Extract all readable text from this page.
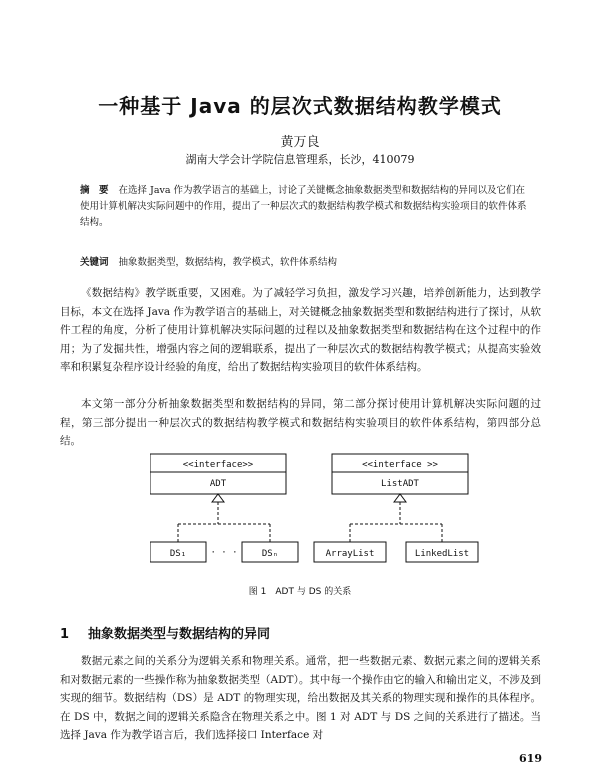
一种基于 Java 的层次式数据结构教学模式
黄万良
湖南大学会计学院信息管理系，长沙，410079
摘　要 在选择 Java 作为教学语言的基础上，讨论了关键概念抽象数据类型和数据结构的异同以及它们在使用计算机解决实际问题中的作用，提出了一种层次式的数据结构教学模式和数据结构实验项目的软件体系结构。
关键词 抽象数据类型，数据结构，教学模式，软件体系结构
《数据结构》教学既重要，又困难。为了减轻学习负担，激发学习兴趣，培养创新能力，达到教学目标，本文在选择 Java 作为教学语言的基础上，对关键概念抽象数据类型和数据结构进行了探讨，从软件工程的角度，分析了使用计算机解决实际问题的过程以及抽象数据类型和数据结构在这个过程中的作用；为了发掘共性，增强内容之间的逻辑联系，提出了一种层次式的数据结构教学模式；从提高实验效率和积累复杂程序设计经验的角度，给出了数据结构实验项目的软件体系结构。
本文第一部分分析抽象数据类型和数据结构的异同，第二部分探讨使用计算机解决实际问题的过程，第三部分提出一种层次式的数据结构教学模式和数据结构实验项目的软件体系结构，第四部分总结。
<<interface>>
ADT
DS₁	· · ·	DSₙ
<<interface >>
ListADT
ArrayList	LinkedList
图 1　ADT 与 DS 的关系
1 抽象数据类型与数据结构的异同
数据元素之间的关系分为逻辑关系和物理关系。通常，把一些数据元素、数据元素之间的逻辑关系和对数据元素的一些操作称为抽象数据类型（ADT）。其中每一个操作由它的输入和输出定义，不涉及到实现的细节。数据结构（DS）是 ADT 的物理实现，给出数据及其关系的物理实现和操作的具体程序。在 DS 中，数据之间的逻辑关系隐含在物理关系之中。图 1 对 ADT 与 DS 之间的关系进行了描述。当选择 Java 作为教学语言后，我们选择接口 Interface 对
619
